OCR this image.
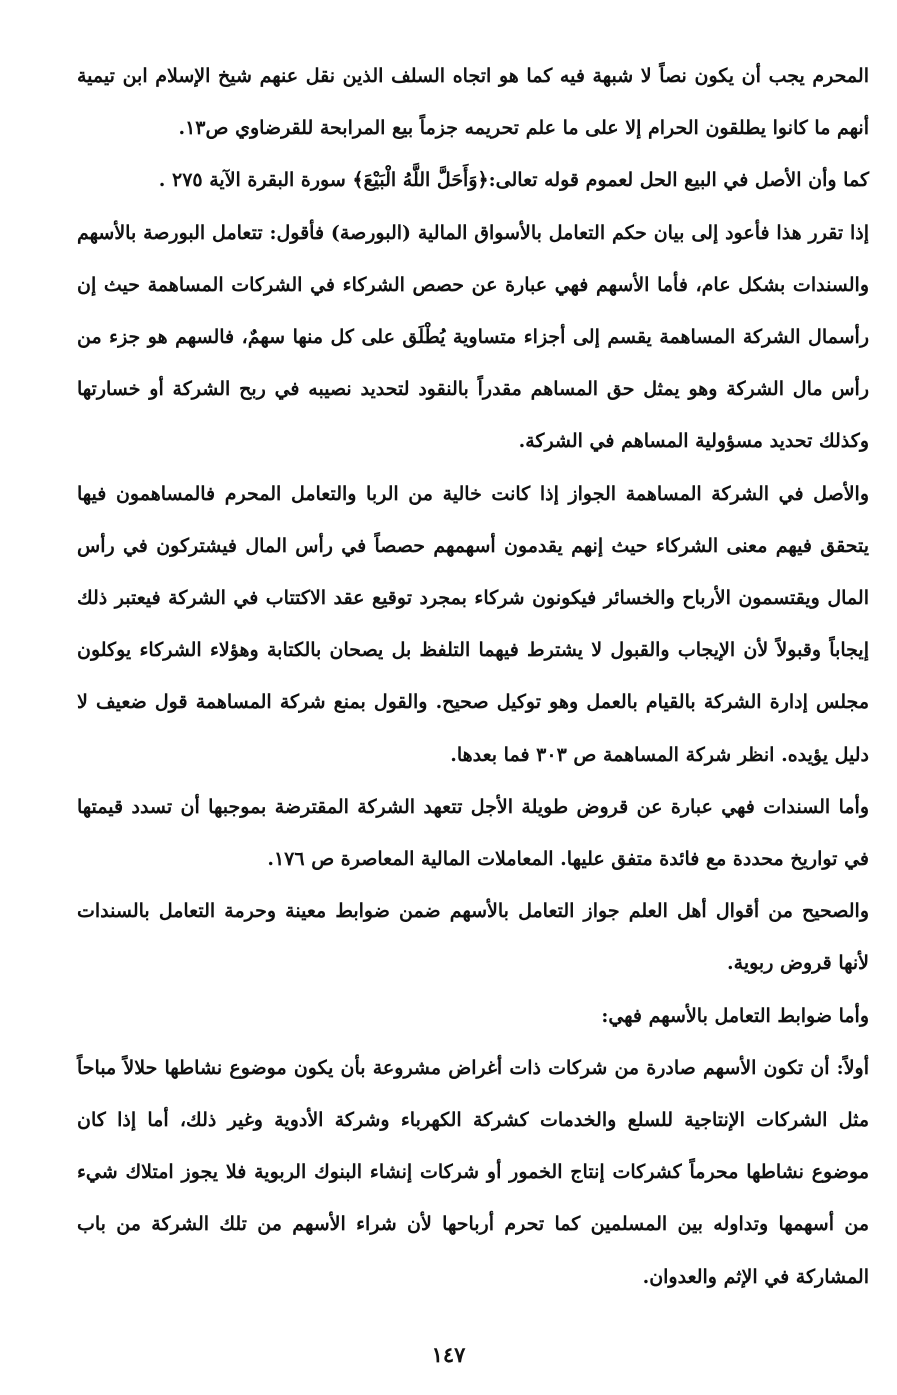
المحرم يجب أن يكون نصاً لا شبهة فيه كما هو اتجاه السلف الذين نقل عنهم شيخ الإسلام ابن تيمية أنهم ما كانوا يطلقون الحرام إلا على ما علم تحريمه جزماً بيع المرابحة للقرضاوي ص١٣.

كما وأن الأصل في البيع الحل لعموم قوله تعالى:﴿وَأَحَلَّ اللَّهُ الْبَيْعَ﴾ سورة البقرة الآية ٢٧٥ .

إذا تقرر هذا فأعود إلى بيان حكم التعامل بالأسواق المالية (البورصة) فأقول: تتعامل البورصة بالأسهم والسندات بشكل عام، فأما الأسهم فهي عبارة عن حصص الشركاء في الشركات المساهمة حيث إن رأسمال الشركة المساهمة يقسم إلى أجزاء متساوية يُطْلَق على كل منها سهمٌ، فالسهم هو جزء من رأس مال الشركة وهو يمثل حق المساهم مقدراً بالنقود لتحديد نصيبه في ربح الشركة أو خسارتها وكذلك تحديد مسؤولية المساهم في الشركة.

والأصل في الشركة المساهمة الجواز إذا كانت خالية من الربا والتعامل المحرم فالمساهمون فيها يتحقق فيهم معنى الشركاء حيث إنهم يقدمون أسهمهم حصصاً في رأس المال فيشتركون في رأس المال ويقتسمون الأرباح والخسائر فيكونون شركاء بمجرد توقيع عقد الاكتتاب في الشركة فيعتبر ذلك إيجاباً وقبولاً لأن الإيجاب والقبول لا يشترط فيهما التلفظ بل يصحان بالكتابة وهؤلاء الشركاء يوكلون مجلس إدارة الشركة بالقيام بالعمل وهو توكيل صحيح. والقول بمنع شركة المساهمة قول ضعيف لا دليل يؤيده. انظر شركة المساهمة ص ٣٠٣ فما بعدها.

وأما السندات فهي عبارة عن قروض طويلة الأجل تتعهد الشركة المقترضة بموجبها أن تسدد قيمتها في تواريخ محددة مع فائدة متفق عليها. المعاملات المالية المعاصرة ص ١٧٦.

والصحيح من أقوال أهل العلم جواز التعامل بالأسهم ضمن ضوابط معينة وحرمة التعامل بالسندات لأنها قروض ربوية.

وأما ضوابط التعامل بالأسهم فهي:

أولاً: أن تكون الأسهم صادرة من شركات ذات أغراض مشروعة بأن يكون موضوع نشاطها حلالاً مباحاً مثل الشركات الإنتاجية للسلع والخدمات كشركة الكهرباء وشركة الأدوية وغير ذلك، أما إذا كان موضوع نشاطها محرماً كشركات إنتاج الخمور أو شركات إنشاء البنوك الربوية فلا يجوز امتلاك شيء من أسهمها وتداوله بين المسلمين كما تحرم أرباحها لأن شراء الأسهم من تلك الشركة من باب المشاركة في الإثم والعدوان.

١٤٧
